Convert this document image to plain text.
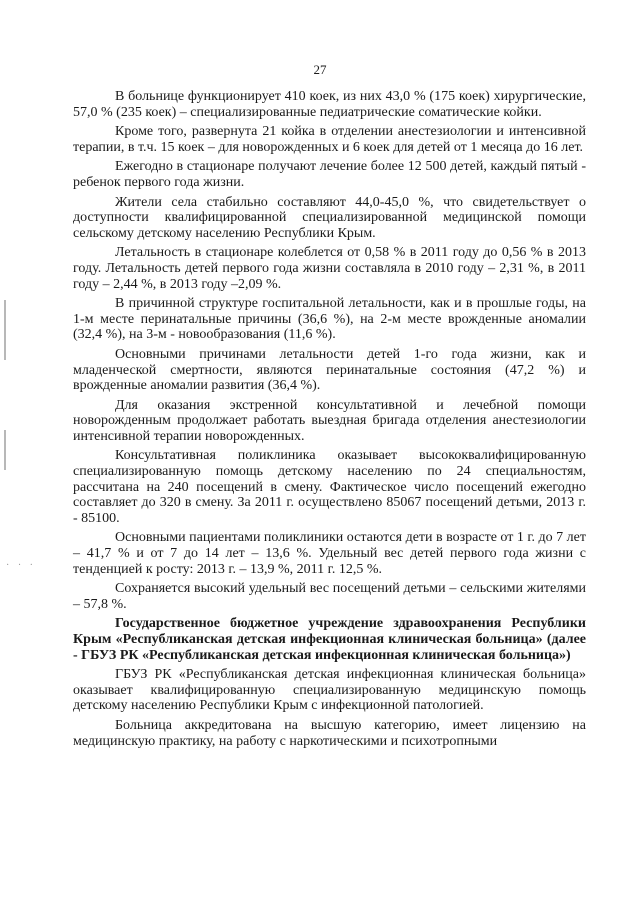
27
· · ·

В больнице функционирует 410 коек, из них 43,0 % (175 коек) хирургические, 57,0 % (235 коек) – специализированные педиатрические соматические койки.

Кроме того, развернута 21 койка в отделении анестезиологии и интенсивной терапии, в т.ч. 15 коек – для новорожденных и 6 коек для детей от 1 месяца до 16 лет.

Ежегодно в стационаре получают лечение более 12 500 детей, каждый пятый - ребенок первого года жизни.

Жители села стабильно составляют 44,0-45,0 %, что свидетельствует о доступности квалифицированной специализированной медицинской помощи сельскому детскому населению Республики Крым.

Летальность в стационаре колеблется от 0,58 % в 2011 году до 0,56 % в 2013 году. Летальность детей первого года жизни составляла в 2010 году – 2,31 %, в 2011 году – 2,44 %, в 2013 году –2,09 %.

В причинной структуре госпитальной летальности, как и в прошлые годы, на 1-м месте перинатальные причины (36,6 %), на 2-м месте врожденные аномалии (32,4 %), на 3-м - новообразования (11,6 %).

Основными причинами летальности детей 1-го года жизни, как и младенческой смертности, являются перинатальные состояния (47,2 %) и врожденные аномалии развития (36,4 %).

Для оказания экстренной консультативной и лечебной помощи новорожденным продолжает работать выездная бригада отделения анестезиологии интенсивной терапии новорожденных.

Консультативная поликлиника оказывает высококвалифицированную специализированную помощь детскому населению по 24 специальностям, рассчитана на 240 посещений в смену. Фактическое число посещений ежегодно составляет до 320 в смену. За 2011 г. осуществлено 85067 посещений детьми, 2013 г. - 85100.

Основными пациентами поликлиники остаются дети в возрасте от 1 г. до 7 лет – 41,7 % и от 7 до 14 лет – 13,6 %. Удельный вес детей первого года жизни с тенденцией к росту: 2013 г. – 13,9 %, 2011 г. 12,5 %.

Сохраняется высокий удельный вес посещений детьми – сельскими жителями – 57,8 %.

Государственное бюджетное учреждение здравоохранения Республики Крым «Республиканская детская инфекционная клиническая больница» (далее - ГБУЗ РК «Республиканская детская инфекционная клиническая больница»)

ГБУЗ РК «Республиканская детская инфекционная клиническая больница» оказывает квалифицированную специализированную медицинскую помощь детскому населению Республики Крым с инфекционной патологией.

Больница аккредитована на высшую категорию, имеет лицензию на медицинскую практику, на работу с наркотическими и психотропными
